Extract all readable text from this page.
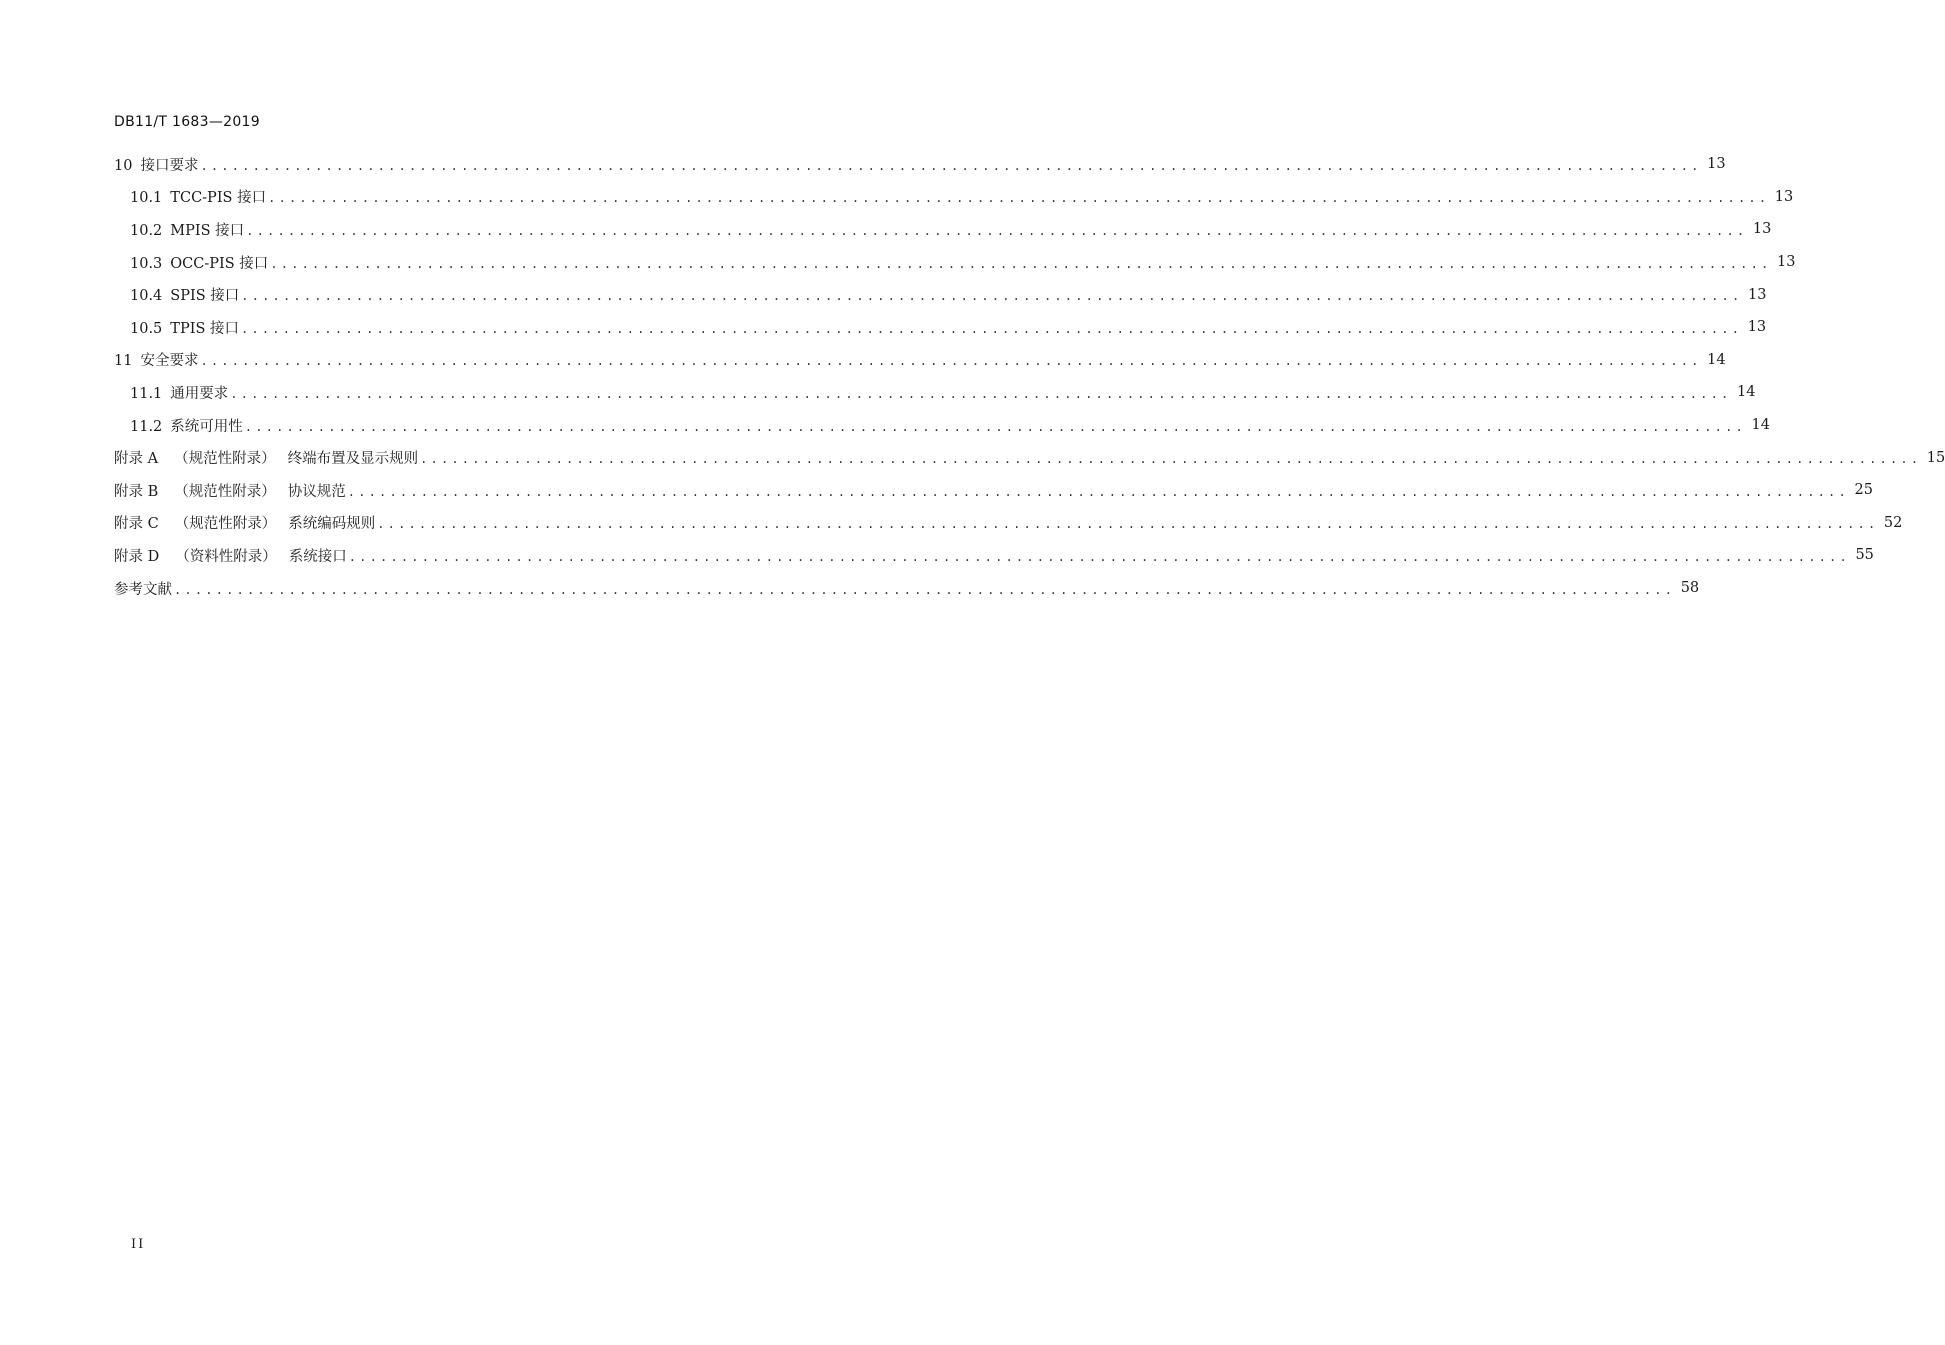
DB11/T 1683—2019
10 接口要求 ................................................................................................................................................ 13
10.1 TCC-PIS 接口 ................................................................................................................................................ 13
10.2 MPIS 接口 ................................................................................................................................................ 13
10.3 OCC-PIS 接口 ................................................................................................................................................ 13
10.4 SPIS 接口 ................................................................................................................................................ 13
10.5 TPIS 接口 ................................................................................................................................................ 13
11 安全要求 ................................................................................................................................................ 14
11.1 通用要求 ................................................................................................................................................ 14
11.2 系统可用性 ................................................................................................................................................ 14
附录 A （规范性附录） 终端布置及显示规则 ................................................................................................................................................ 15
附录 B （规范性附录） 协议规范 ................................................................................................................................................ 25
附录 C （规范性附录） 系统编码规则 ................................................................................................................................................ 52
附录 D （资料性附录） 系统接口 ................................................................................................................................................ 55
参考文献 ................................................................................................................................................ 58
II
